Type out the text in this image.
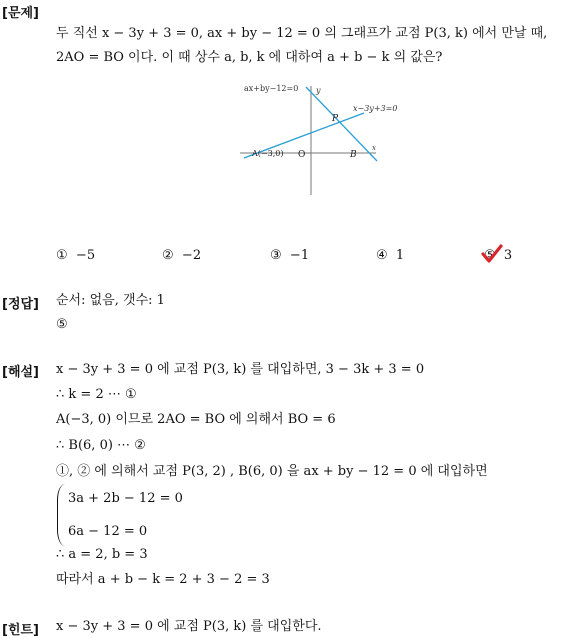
[문제]
두 직선 x − 3y + 3 = 0, ax + by − 12 = 0 의 그래프가 교점 P(3, k) 에서 만날 때,
2AO = BO 이다. 이 때 상수 a, b, k 에 대하여 a + b − k 의 값은?
ax+by−12=0 y
x−3y+3=0
P
A(−3,0) O	B
x
① −5	② −2	③ −1	④ 1	⑤ 3
[정답] 순서: 없음, 갯수: 1
⑤
[해설] x − 3y + 3 = 0 에 교점 P(3, k) 를 대입하면, 3 − 3k + 3 = 0
∴ k = 2 ⋯ ①
A(−3, 0) 이므로 2AO = BO 에 의해서 BO = 6
∴ B(6, 0) ⋯ ②
①, ② 에 의해서 교점 P(3, 2) , B(6, 0) 을 ax + by − 12 = 0 에 대입하면
3a + 2b − 12 = 0
6a − 12 = 0
∴ a = 2, b = 3
따라서 a + b − k = 2 + 3 − 2 = 3
[힌트] x − 3y + 3 = 0 에 교점 P(3, k) 를 대입한다.
